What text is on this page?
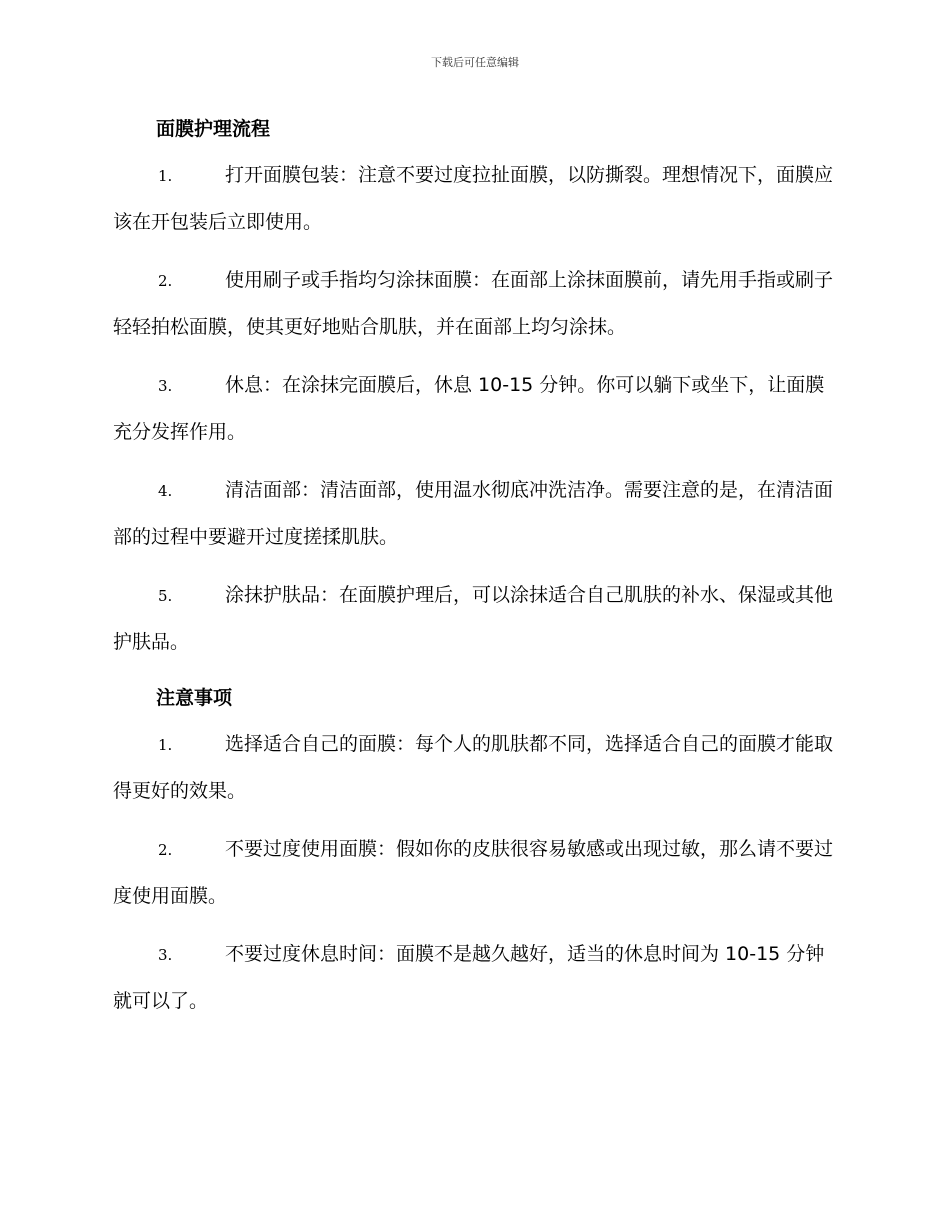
下载后可任意编辑
面膜护理流程
1.	打开面膜包装：注意不要过度拉扯面膜，以防撕裂。理想情况下，面膜应该在开包装后立即使用。
2.	使用刷子或手指均匀涂抹面膜：在面部上涂抹面膜前，请先用手指或刷子轻轻拍松面膜，使其更好地贴合肌肤，并在面部上均匀涂抹。
3.	休息：在涂抹完面膜后，休息 10-15 分钟。你可以躺下或坐下，让面膜充分发挥作用。
4.	清洁面部：清洁面部，使用温水彻底冲洗洁净。需要注意的是，在清洁面部的过程中要避开过度搓揉肌肤。
5.	涂抹护肤品：在面膜护理后，可以涂抹适合自己肌肤的补水、保湿或其他护肤品。
注意事项
1.	选择适合自己的面膜：每个人的肌肤都不同，选择适合自己的面膜才能取得更好的效果。
2.	不要过度使用面膜：假如你的皮肤很容易敏感或出现过敏，那么请不要过度使用面膜。
3.	不要过度休息时间：面膜不是越久越好，适当的休息时间为 10-15 分钟就可以了。
